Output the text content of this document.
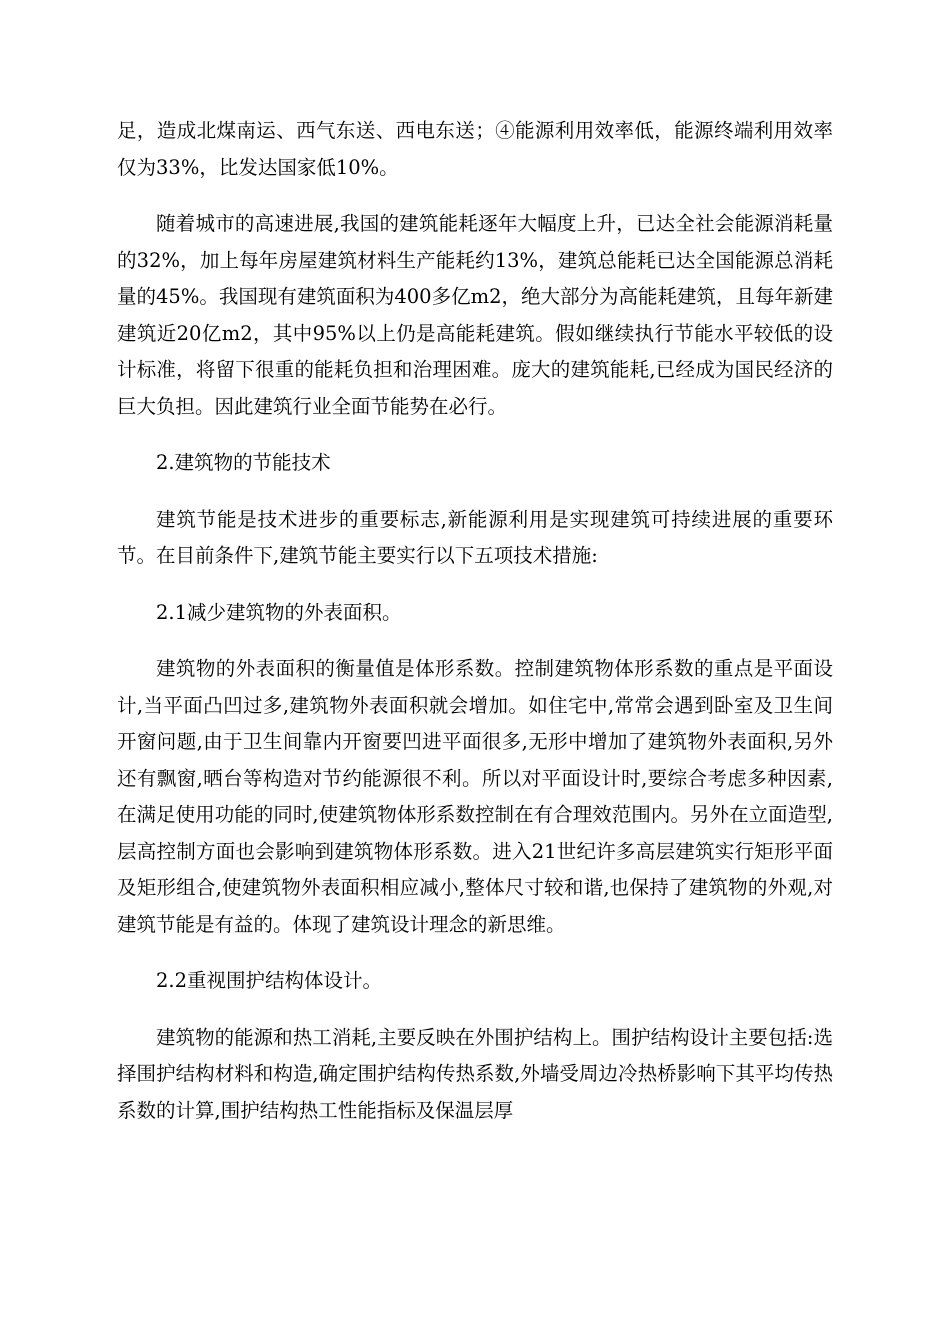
足，造成北煤南运、西气东送、西电东送；④能源利用效率低，能源终端利用效率仅为33%，比发达国家低10%。

随着城市的高速进展,我国的建筑能耗逐年大幅度上升，已达全社会能源消耗量的32%，加上每年房屋建筑材料生产能耗约13%，建筑总能耗已达全国能源总消耗量的45%。我国现有建筑面积为400多亿m2，绝大部分为高能耗建筑，且每年新建建筑近20亿m2，其中95%以上仍是高能耗建筑。假如继续执行节能水平较低的设计标准，将留下很重的能耗负担和治理困难。庞大的建筑能耗,已经成为国民经济的巨大负担。因此建筑行业全面节能势在必行。

2.建筑物的节能技术

建筑节能是技术进步的重要标志,新能源利用是实现建筑可持续进展的重要环节。在目前条件下,建筑节能主要实行以下五项技术措施:

2.1减少建筑物的外表面积。

建筑物的外表面积的衡量值是体形系数。控制建筑物体形系数的重点是平面设计,当平面凸凹过多,建筑物外表面积就会增加。如住宅中,常常会遇到卧室及卫生间开窗问题,由于卫生间靠内开窗要凹进平面很多,无形中增加了建筑物外表面积,另外还有飘窗,晒台等构造对节约能源很不利。所以对平面设计时,要综合考虑多种因素,在满足使用功能的同时,使建筑物体形系数控制在有合理效范围内。另外在立面造型,层高控制方面也会影响到建筑物体形系数。进入21世纪许多高层建筑实行矩形平面及矩形组合,使建筑物外表面积相应减小,整体尺寸较和谐,也保持了建筑物的外观,对建筑节能是有益的。体现了建筑设计理念的新思维。

2.2重视围护结构体设计。

建筑物的能源和热工消耗,主要反映在外围护结构上。围护结构设计主要包括:选择围护结构材料和构造,确定围护结构传热系数,外墙受周边冷热桥影响下其平均传热系数的计算,围护结构热工性能指标及保温层厚
